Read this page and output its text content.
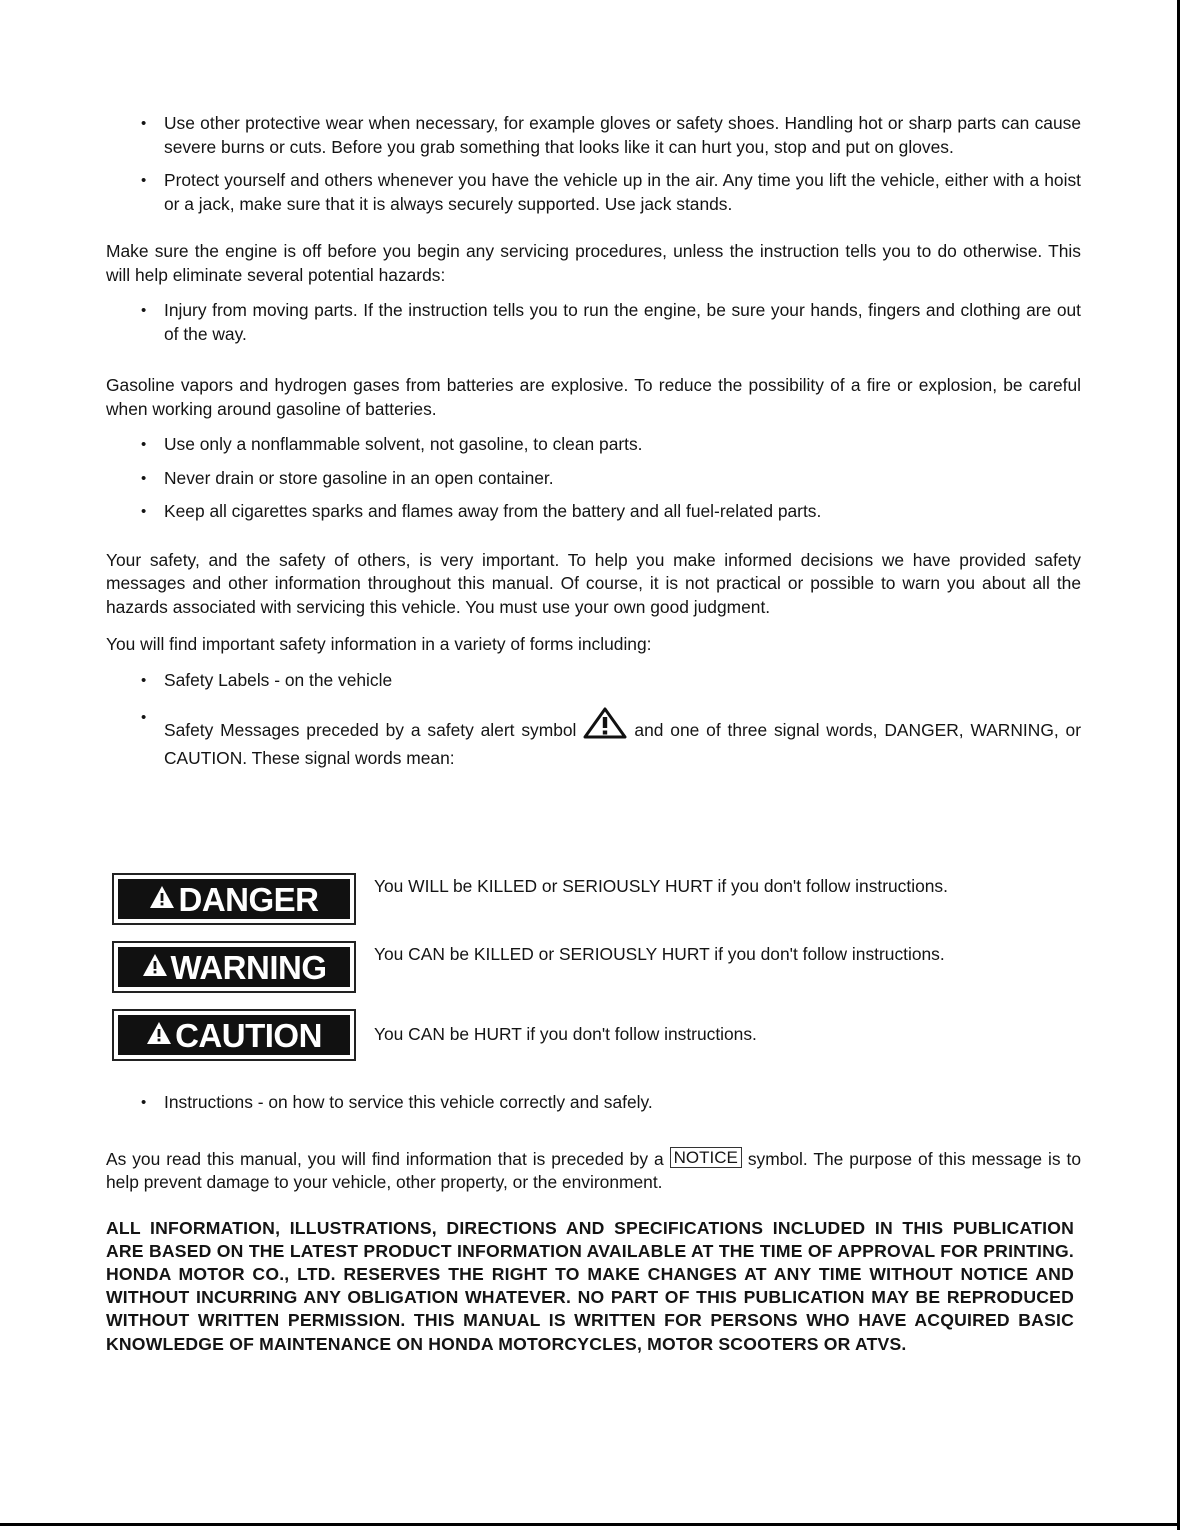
• Use other protective wear when necessary, for example gloves or safety shoes. Handling hot or sharp parts can cause severe burns or cuts. Before you grab something that looks like it can hurt you, stop and put on gloves.
• Protect yourself and others whenever you have the vehicle up in the air. Any time you lift the vehicle, either with a hoist or a jack, make sure that it is always securely supported. Use jack stands.

Make sure the engine is off before you begin any servicing procedures, unless the instruction tells you to do otherwise. This will help eliminate several potential hazards:

• Injury from moving parts. If the instruction tells you to run the engine, be sure your hands, fingers and clothing are out of the way.

Gasoline vapors and hydrogen gases from batteries are explosive. To reduce the possibility of a fire or explosion, be careful when working around gasoline of batteries.

• Use only a nonflammable solvent, not gasoline, to clean parts.
• Never drain or store gasoline in an open container.
• Keep all cigarettes sparks and flames away from the battery and all fuel-related parts.

Your safety, and the safety of others, is very important. To help you make informed decisions we have provided safety messages and other information throughout this manual. Of course, it is not practical or possible to warn you about all the hazards associated with servicing this vehicle. You must use your own good judgment.

You will find important safety information in a variety of forms including:

• Safety Labels - on the vehicle
• Safety Messages preceded by a safety alert symbol	and one of three signal words, DANGER, WARNING, or CAUTION. These signal words mean:
DANGER	You WILL be KILLED or SERIOUSLY HURT if you don't follow instructions.
WARNING	You CAN be KILLED or SERIOUSLY HURT if you don't follow instructions.
CAUTION	You CAN be HURT if you don't follow instructions.
• Instructions - on how to service this vehicle correctly and safely.

As you read this manual, you will find information that is preceded by a NOTICE symbol. The purpose of this message is to help prevent damage to your vehicle, other property, or the environment.

ALL INFORMATION, ILLUSTRATIONS, DIRECTIONS AND SPECIFICATIONS INCLUDED IN THIS PUBLICATION ARE BASED ON THE LATEST PRODUCT INFORMATION AVAILABLE AT THE TIME OF APPROVAL FOR PRINTING. HONDA MOTOR CO., LTD. RESERVES THE RIGHT TO MAKE CHANGES AT ANY TIME WITHOUT NOTICE AND WITHOUT INCURRING ANY OBLIGATION WHATEVER. NO PART OF THIS PUBLICATION MAY BE REPRODUCED WITHOUT WRITTEN PERMISSION. THIS MANUAL IS WRITTEN FOR PERSONS WHO HAVE ACQUIRED BASIC KNOWLEDGE OF MAINTENANCE ON HONDA MOTORCYCLES, MOTOR SCOOTERS OR ATVS.
